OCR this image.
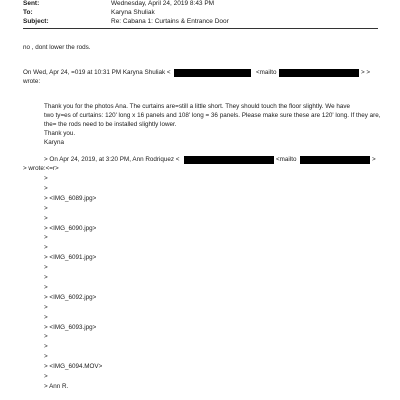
Sent:	Wednesday, April 24, 2019 8:43 PM
To:	Karyna Shuliak
Subject:	Re: Cabana 1: Curtains & Entrance Door
no , dont lower the rods.
On Wed, Apr 24, =019 at 10:31 PM Karyna Shuliak <	<mailto	> >
wrote:
Thank you for the photos Ana. The curtains are=still a little short. They should touch the floor slightly. We have
two ty=es of curtains: 120' long x 16 panels and 108' long = 36 panels. Please make sure these are 120' long. If they are,
the= the rods need to be installed slightly lower.
Thank you.
Karyna
> On Apr 24, 2019, at 3:20 PM, Ann Rodriquez <	<mailto	>
> wrote:<=r>
>
>
> <IMG_6089.jpg>
>
>
> <IMG_6090.jpg>
>
>
> <IMG_6091.jpg>
>
>
>
> <IMG_6092.jpg>
>
>
> <IMG_6093.jpg>
>
>
>
> <IMG_6094.MOV>
>
> Ann R.
